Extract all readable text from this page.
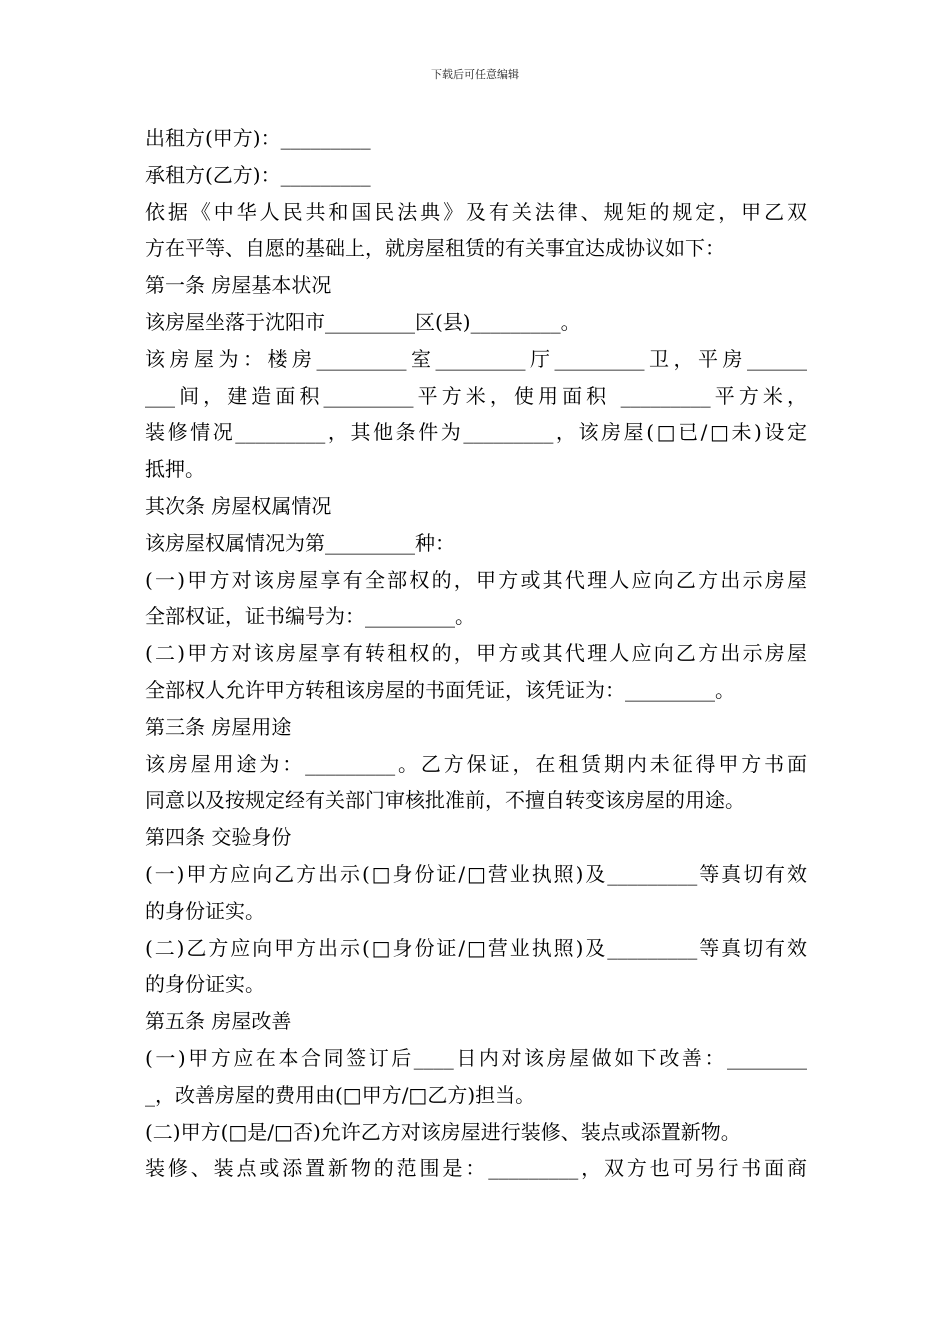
下载后可任意编辑
出租方(甲方)：_________
承租方(乙方)：_________
依据《中华人民共和国民法典》及有关法律、规矩的规定，甲乙双
方在平等、自愿的基础上，就房屋租赁的有关事宜达成协议如下：
第一条 房屋基本状况
该房屋坐落于沈阳市_________区(县)_________。
该房屋为：楼房_________室_________厅_________卫，平房______
___间，建造面积_________平方米，使用面积 _________平方米，
装修情况_________，其他条件为_________，该房屋(□已/□未)设定
抵押。
其次条 房屋权属情况
该房屋权属情况为第_________种：
(一)甲方对该房屋享有全部权的，甲方或其代理人应向乙方出示房屋
全部权证，证书编号为：_________。
(二)甲方对该房屋享有转租权的，甲方或其代理人应向乙方出示房屋
全部权人允许甲方转租该房屋的书面凭证，该凭证为：_________。
第三条 房屋用途
该房屋用途为：_________。乙方保证，在租赁期内未征得甲方书面
同意以及按规定经有关部门审核批准前，不擅自转变该房屋的用途。
第四条 交验身份
(一)甲方应向乙方出示(□身份证/□营业执照)及_________等真切有效
的身份证实。
(二)乙方应向甲方出示(□身份证/□营业执照)及_________等真切有效
的身份证实。
第五条 房屋改善
(一)甲方应在本合同签订后____日内对该房屋做如下改善：________
_，改善房屋的费用由(□甲方/□乙方)担当。
(二)甲方(□是/□否)允许乙方对该房屋进行装修、装点或添置新物。
装修、装点或添置新物的范围是：_________，双方也可另行书面商
